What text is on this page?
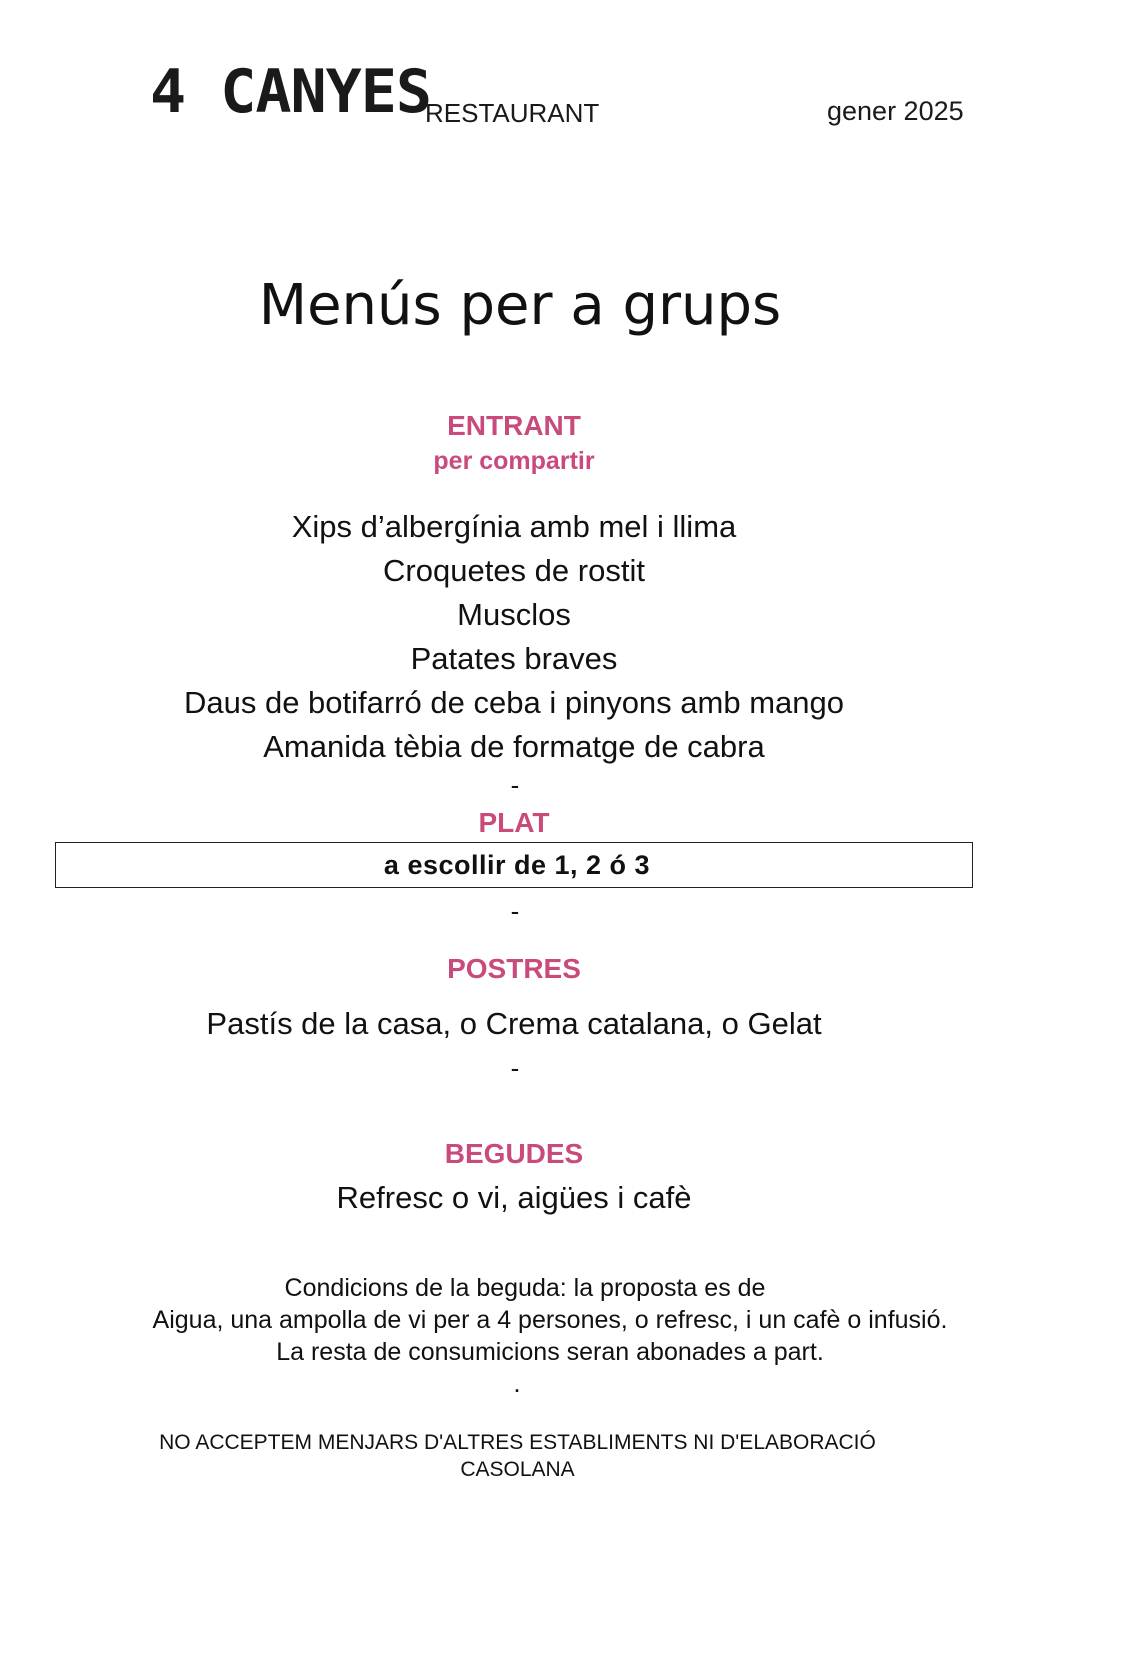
4 CANYES
RESTAURANT	gener 2025
Menús per a grups
ENTRANT
per compartir
Xips d’albergínia amb mel i llima
Croquetes de rostit
Musclos
Patates braves
Daus de botifarró de ceba i pinyons amb mango
Amanida tèbia de formatge de cabra
-
PLAT
a escollir de 1, 2 ó 3
-
POSTRES
Pastís de la casa, o Crema catalana, o Gelat
-
BEGUDES
Refresc o vi, aigües i cafè
Condicions de la beguda: la proposta es de
Aigua, una ampolla de vi per a 4 persones, o refresc, i un cafè o infusió.
La resta de consumicions seran abonades a part.
.
NO ACCEPTEM MENJARS D'ALTRES ESTABLIMENTS NI D'ELABORACIÓ
CASOLANA
